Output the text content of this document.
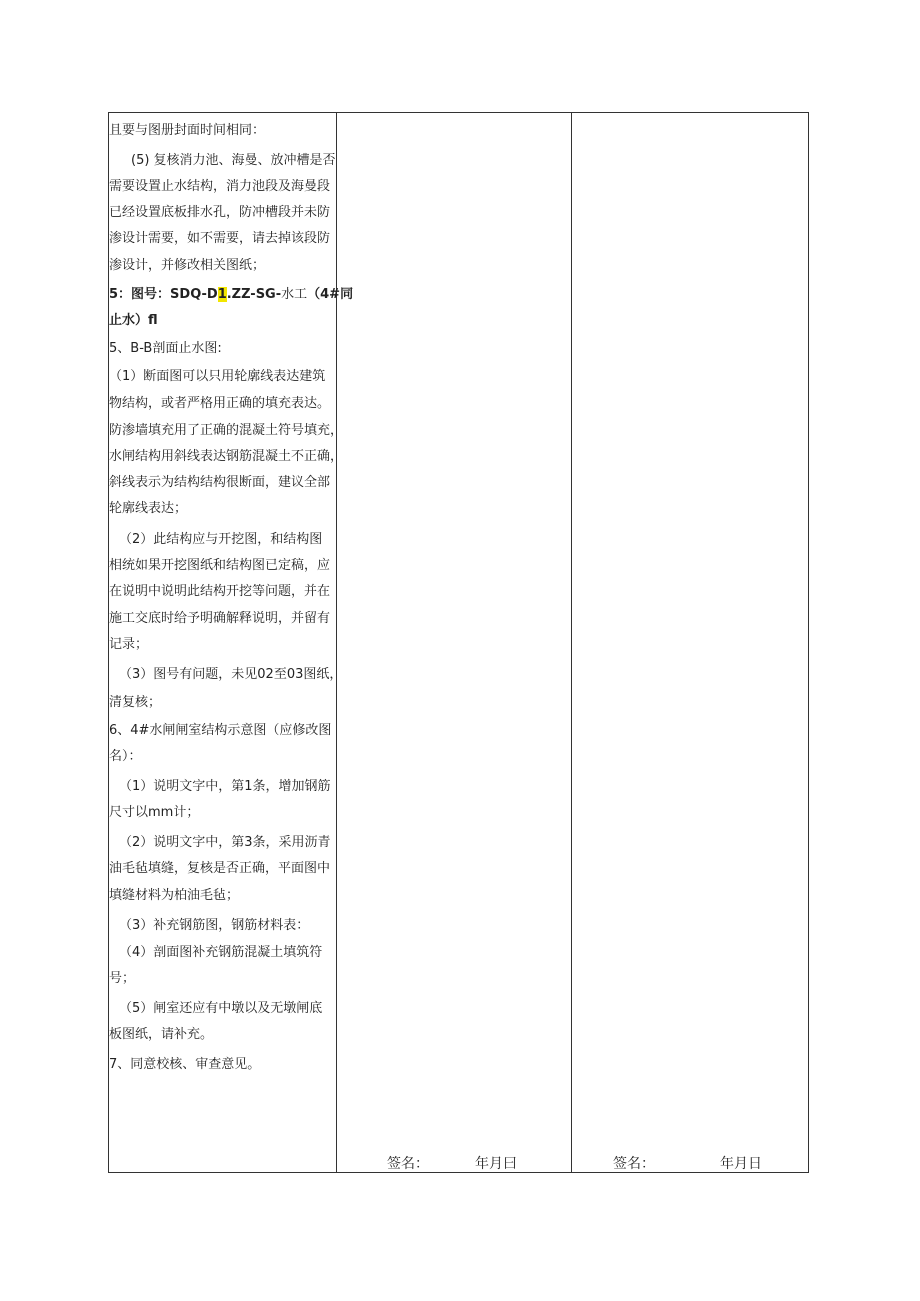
且要与图册封面时间相同：
(5) 复核消力池、海曼、放冲槽是否
需要设置止水结构，消力池段及海曼段
已经设置底板排水孔，防冲槽段并未防
渗设计需要，如不需要，请去掉该段防
渗设计，并修改相关图纸；
5：图号：SDQ-D1.ZZ-SG-水工（4#同
止水）fl
5、B-B剖面止水图:
（1）断面图可以只用轮廓线表达建筑
物结构，或者严格用正确的填充表达。
防渗墙填充用了正确的混凝土符号填充，
水闸结构用斜线表达钢筋混凝土不正确，
斜线表示为结构结构很断面，建议全部
轮廓线表达；
（2）此结构应与开挖图，和结构图
相统如果开挖图纸和结构图已定稿，应
在说明中说明此结构开挖等问题，并在
施工交底时给予明确解释说明，并留有
记录；
（3）图号有问题，未见02至03图纸，
清复核；
6、4#水闸闸室结构示意图（应修改图
名）：
（1）说明文字中，第1条，增加钢筋
尺寸以mm计；
（2）说明文字中，第3条，采用沥青
油毛毡填缝，复核是否正确，平面图中
填缝材料为柏油毛毡；
（3）补充钢筋图，钢筋材料表：
（4）剖面图补充钢筋混凝土填筑符
号；
（5）闸室还应有中墩以及无墩闸底
板图纸，请补充。
7、同意校核、审查意见。
签名：	年月曰	签名：	年月日
